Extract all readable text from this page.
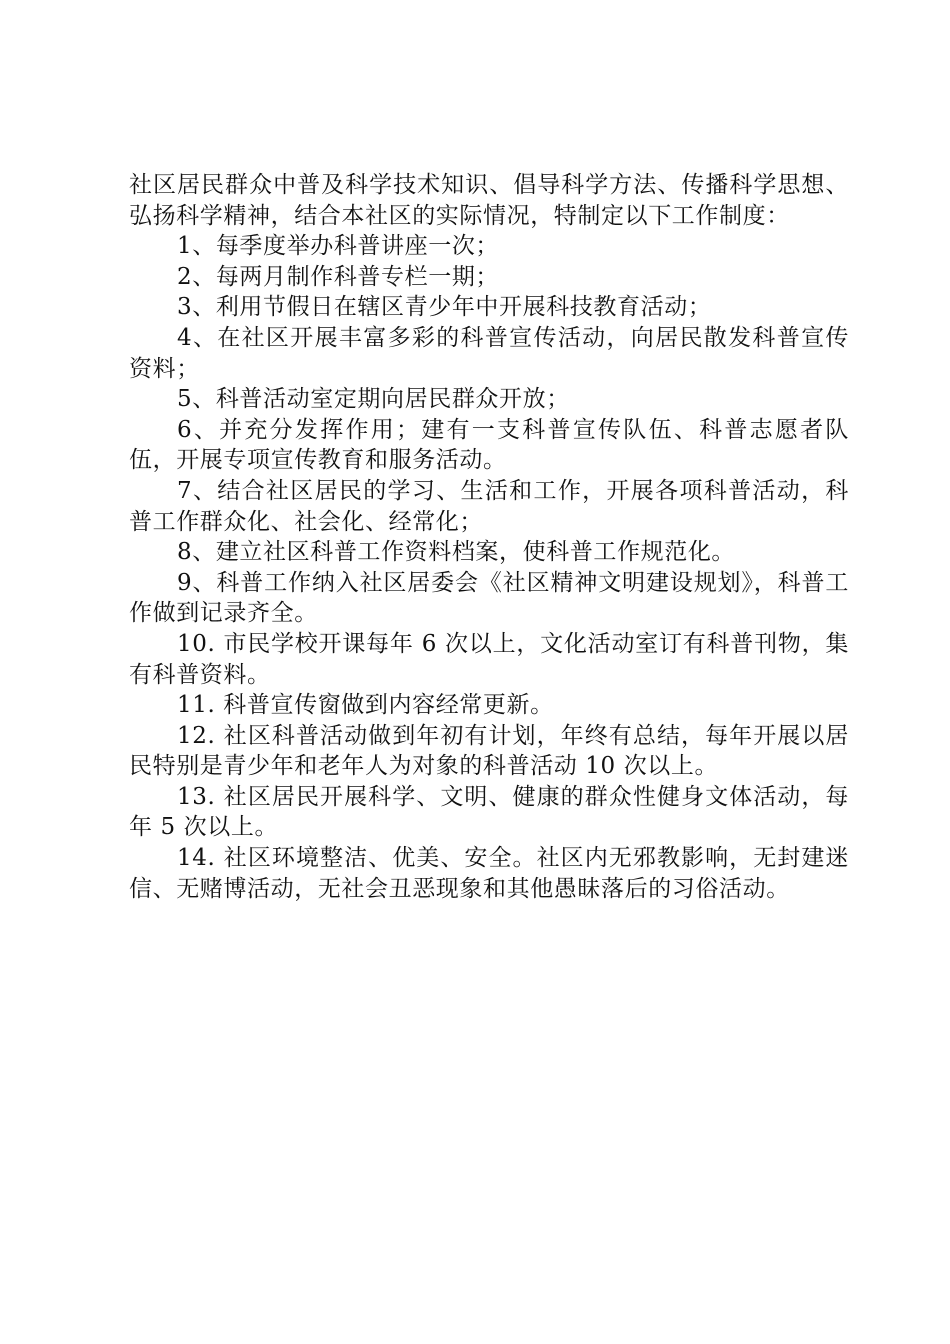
社区居民群众中普及科学技术知识、倡导科学方法、传播科学思想、弘扬科学精神，结合本社区的实际情况，特制定以下工作制度：

1、每季度举办科普讲座一次；

2、每两月制作科普专栏一期；

3、利用节假日在辖区青少年中开展科技教育活动；

4、在社区开展丰富多彩的科普宣传活动，向居民散发科普宣传资料；

5、科普活动室定期向居民群众开放；

6、并充分发挥作用；建有一支科普宣传队伍、科普志愿者队伍，开展专项宣传教育和服务活动。

7、结合社区居民的学习、生活和工作，开展各项科普活动，科普工作群众化、社会化、经常化；

8、建立社区科普工作资料档案，使科普工作规范化。

9、科普工作纳入社区居委会《社区精神文明建设规划》，科普工作做到记录齐全。

10. 市民学校开课每年 6 次以上，文化活动室订有科普刊物，集有科普资料。

11. 科普宣传窗做到内容经常更新。

12. 社区科普活动做到年初有计划，年终有总结，每年开展以居民特别是青少年和老年人为对象的科普活动 10 次以上。

13. 社区居民开展科学、文明、健康的群众性健身文体活动，每年 5 次以上。

14. 社区环境整洁、优美、安全。社区内无邪教影响，无封建迷信、无赌博活动，无社会丑恶现象和其他愚昧落后的习俗活动。
